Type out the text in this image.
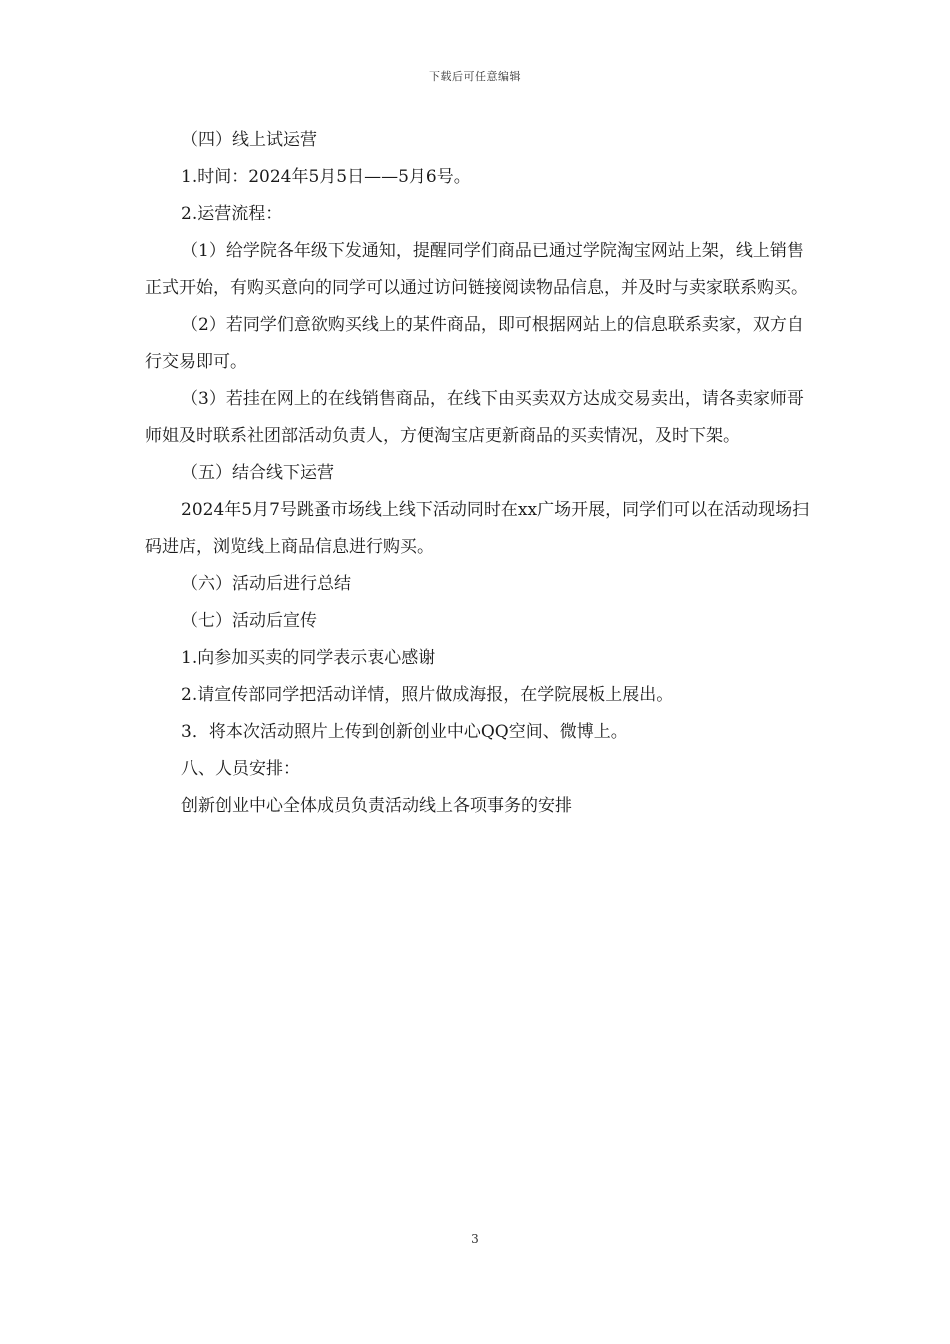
下载后可任意编辑

（四）线上试运营

1.时间：2024年5月5日——5月6号。

2.运营流程：

（1）给学院各年级下发通知，提醒同学们商品已通过学院淘宝网站上架，线上销售正式开始，有购买意向的同学可以通过访问链接阅读物品信息，并及时与卖家联系购买。

（2）若同学们意欲购买线上的某件商品，即可根据网站上的信息联系卖家，双方自行交易即可。

（3）若挂在网上的在线销售商品，在线下由买卖双方达成交易卖出，请各卖家师哥师姐及时联系社团部活动负责人，方便淘宝店更新商品的买卖情况，及时下架。

（五）结合线下运营

2024年5月7号跳蚤市场线上线下活动同时在xx广场开展，同学们可以在活动现场扫码进店，浏览线上商品信息进行购买。

（六）活动后进行总结

（七）活动后宣传

1.向参加买卖的同学表示衷心感谢

2.请宣传部同学把活动详情，照片做成海报，在学院展板上展出。

3．将本次活动照片上传到创新创业中心QQ空间、微博上。

八、人员安排：

创新创业中心全体成员负责活动线上各项事务的安排

3
